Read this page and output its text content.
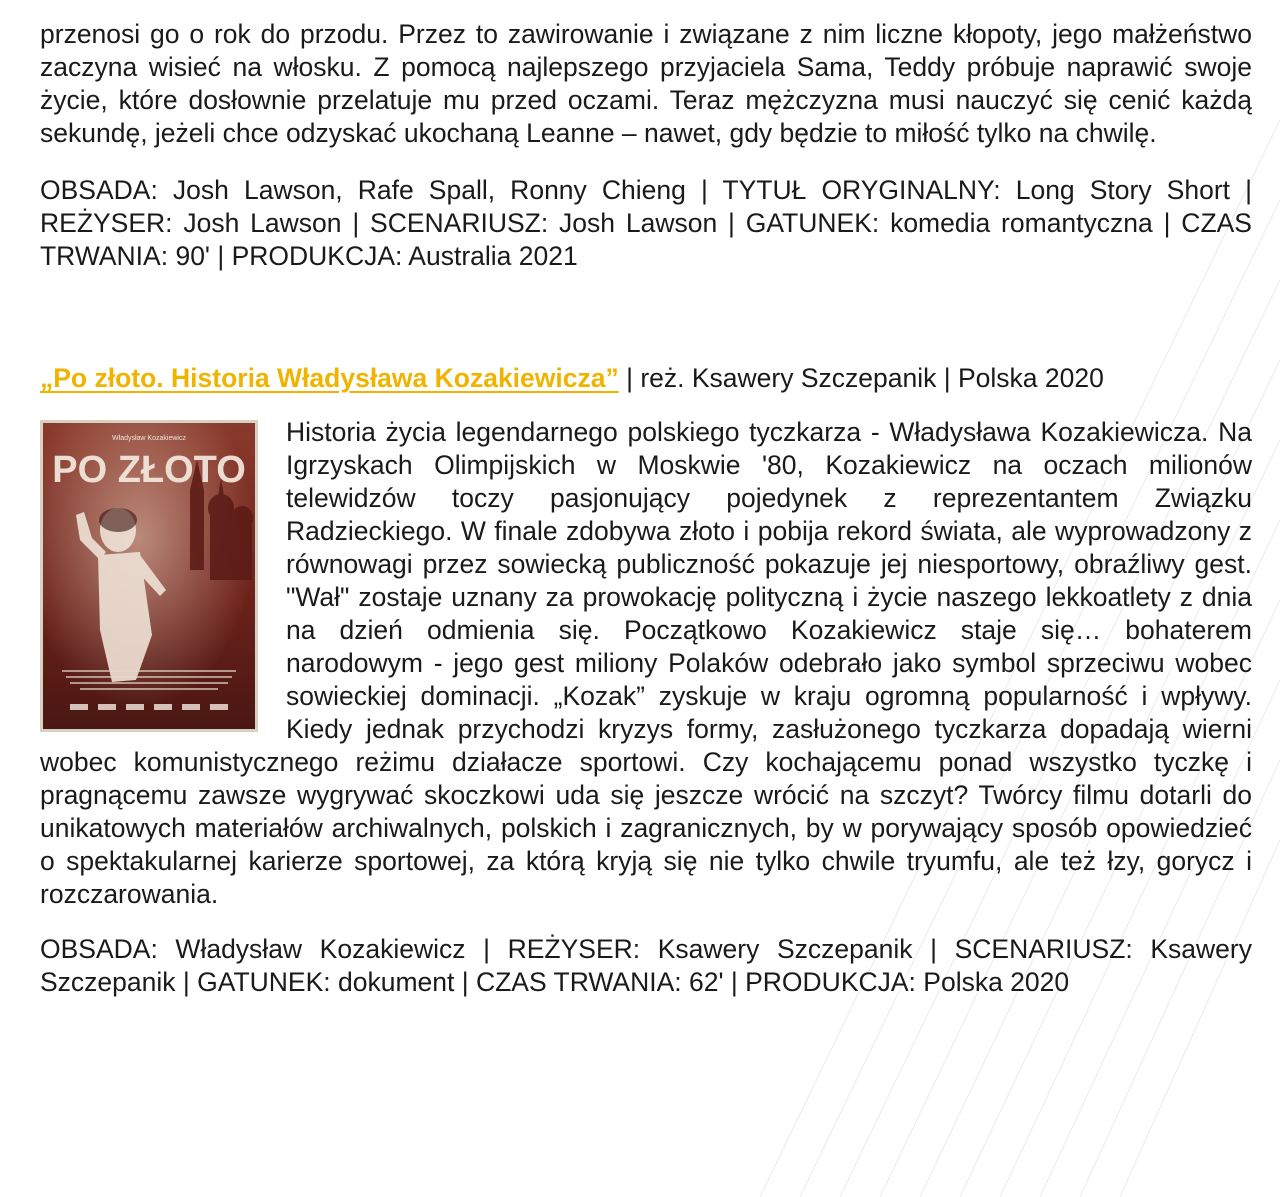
przenosi go o rok do przodu. Przez to zawirowanie i związane z nim liczne kłopoty, jego małżeństwo zaczyna wisieć na włosku. Z pomocą najlepszego przyjaciela Sama, Teddy próbuje naprawić swoje życie, które dosłownie przelatuje mu przed oczami. Teraz mężczyzna musi nauczyć się cenić każdą sekundę, jeżeli chce odzyskać ukochaną Leanne – nawet, gdy będzie to miłość tylko na chwilę.

OBSADA: Josh Lawson, Rafe Spall, Ronny Chieng | TYTUŁ ORYGINALNY: Long Story Short | REŻYSER: Josh Lawson | SCENARIUSZ: Josh Lawson | GATUNEK: komedia romantyczna | CZAS TRWANIA: 90' | PRODUKCJA: Australia 2021

„Po złoto. Historia Władysława Kozakiewicza” | reż. Ksawery Szczepanik | Polska 2020

Władysław Kozakiewicz
PO ZŁOTO

Historia życia legendarnego polskiego tyczkarza - Władysława Kozakiewicza. Na Igrzyskach Olimpijskich w Moskwie '80, Kozakiewicz na oczach milionów telewidzów toczy pasjonujący pojedynek z reprezentantem Związku Radzieckiego. W finale zdobywa złoto i pobija rekord świata, ale wyprowadzony z równowagi przez sowiecką publiczność pokazuje jej niesportowy, obraźliwy gest. "Wał" zostaje uznany za prowokację polityczną i życie naszego lekkoatlety z dnia na dzień odmienia się. Początkowo Kozakiewicz staje się… bohaterem narodowym - jego gest miliony Polaków odebrało jako symbol sprzeciwu wobec sowieckiej dominacji. „Kozak” zyskuje w kraju ogromną popularność i wpływy. Kiedy jednak przychodzi kryzys formy, zasłużonego tyczkarza dopadają wierni wobec komunistycznego reżimu działacze sportowi. Czy kochającemu ponad wszystko tyczkę i pragnącemu zawsze wygrywać skoczkowi uda się jeszcze wrócić na szczyt? Twórcy filmu dotarli do unikatowych materiałów archiwalnych, polskich i zagranicznych, by w porywający sposób opowiedzieć o spektakularnej karierze sportowej, za którą kryją się nie tylko chwile tryumfu, ale też łzy, gorycz i rozczarowania.

OBSADA: Władysław Kozakiewicz | REŻYSER: Ksawery Szczepanik | SCENARIUSZ: Ksawery Szczepanik | GATUNEK: dokument | CZAS TRWANIA: 62' | PRODUKCJA: Polska 2020
